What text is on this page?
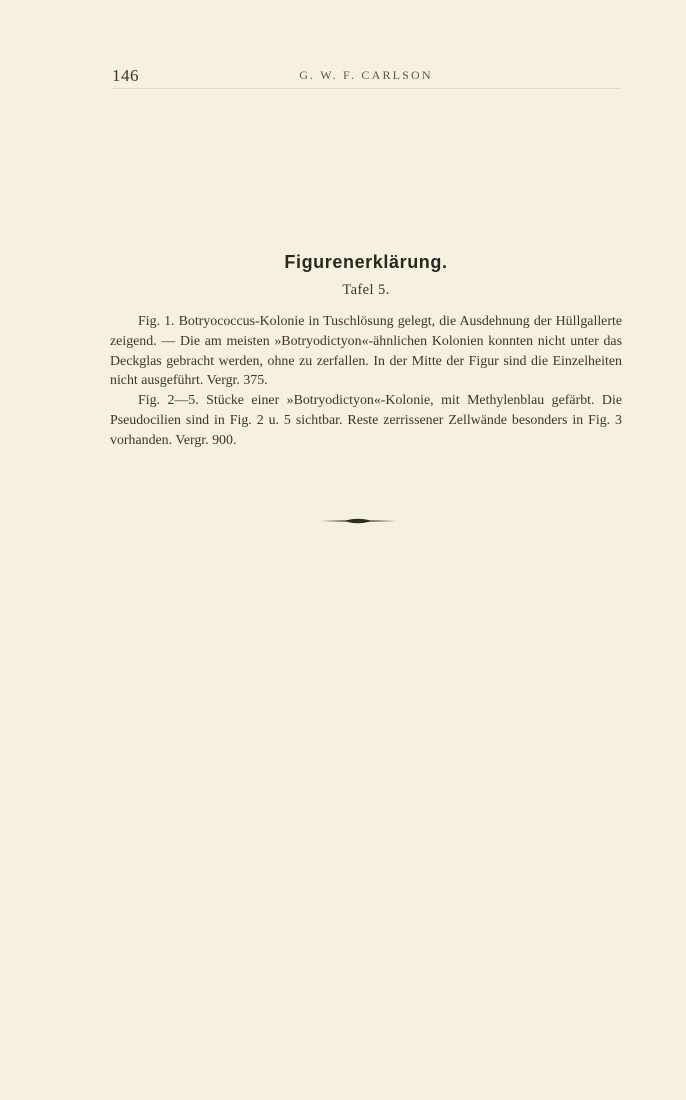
146	G. W. F. CARLSON
Figurenerklärung.
Tafel 5.

Fig. 1. Botryococcus-Kolonie in Tuschlösung gelegt, die Ausdehnung der Hüllgallerte zeigend. — Die am meisten »Botryodictyon«-ähnlichen Kolonien konnten nicht unter das Deckglas gebracht werden, ohne zu zerfallen. In der Mitte der Figur sind die Einzelheiten nicht ausgeführt. Vergr. 375.

Fig. 2—5. Stücke einer »Botryodictyon«-Kolonie, mit Methylenblau gefärbt. Die Pseudocilien sind in Fig. 2 u. 5 sichtbar. Reste zerrissener Zellwände besonders in Fig. 3 vorhanden. Vergr. 900.
